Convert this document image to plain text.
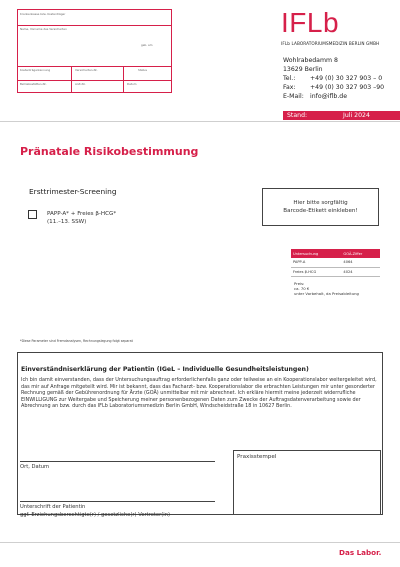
Krankenkasse bzw. Kostenträger
Name, Vorname des Versicherten
geb. am
Kostenträgerkennung	Versicherten-Nr.	Status
Betriebsstätten-Nr.	Arzt-Nr.	Datum
IFLb
IFLb LABORATORIUMSMEDIZIN BERLIN GMBH
Wohlrabedamm 8
13629 Berlin
Tel.:	+49 (0) 30 327 903 – 0
Fax:	+49 (0) 30 327 903 –90
E-Mail:	info@iflb.de
Stand:	Juli 2024
Pränatale Risikobestimmung
Ersttrimester-Screening
PAPP-A* + Freies β-HCG*
(11.–13. SSW)
Hier bitte sorgfältig
Barcode-Etikett einkleben!
Untersuchung	GOÄ-Ziffer
PAPP-A	4064
Freies β-HCG	4024
Preis:
ca. 70 €
unter Vorbehalt, da Preisableitung
*Diese Parameter sind Fremdanalysen, Rechnungslegung folgt separat
Einverständniserklärung der Patientin (IGeL – Individuelle Gesundheitsleistungen)
Ich bin damit einverstanden, dass der Untersuchungsauftrag erforderlichenfalls ganz oder teilweise an ein Kooperationslabor weitergeleitet wird, das mir auf Anfrage mitgeteilt wird. Mir ist bekannt, dass das Facharzt- bzw. Kooperationslabor die erbrachten Leistungen mir unter gesonderter Rechnung gemäß der Gebührenordnung für Ärzte (GOÄ) unmittelbar mit mir abrechnet. Ich erkläre hiermit meine jederzeit widerrufliche EINWILLIGUNG zur Weitergabe und Speicherung meiner personenbezogenen Daten zum Zwecke der Auftragsdatenverarbeitung sowie der Abrechnung an bzw. durch das IFLb Laboratoriumsmedizin Berlin GmbH, Windscheidstraße 18 in 10627 Berlin.
Ort, Datum
Unterschrift der Patientin
ggf. Erziehungsberechtigte(r) / gesetzliche(r) Vertreter(in)
Praxisstempel
Das Labor.
